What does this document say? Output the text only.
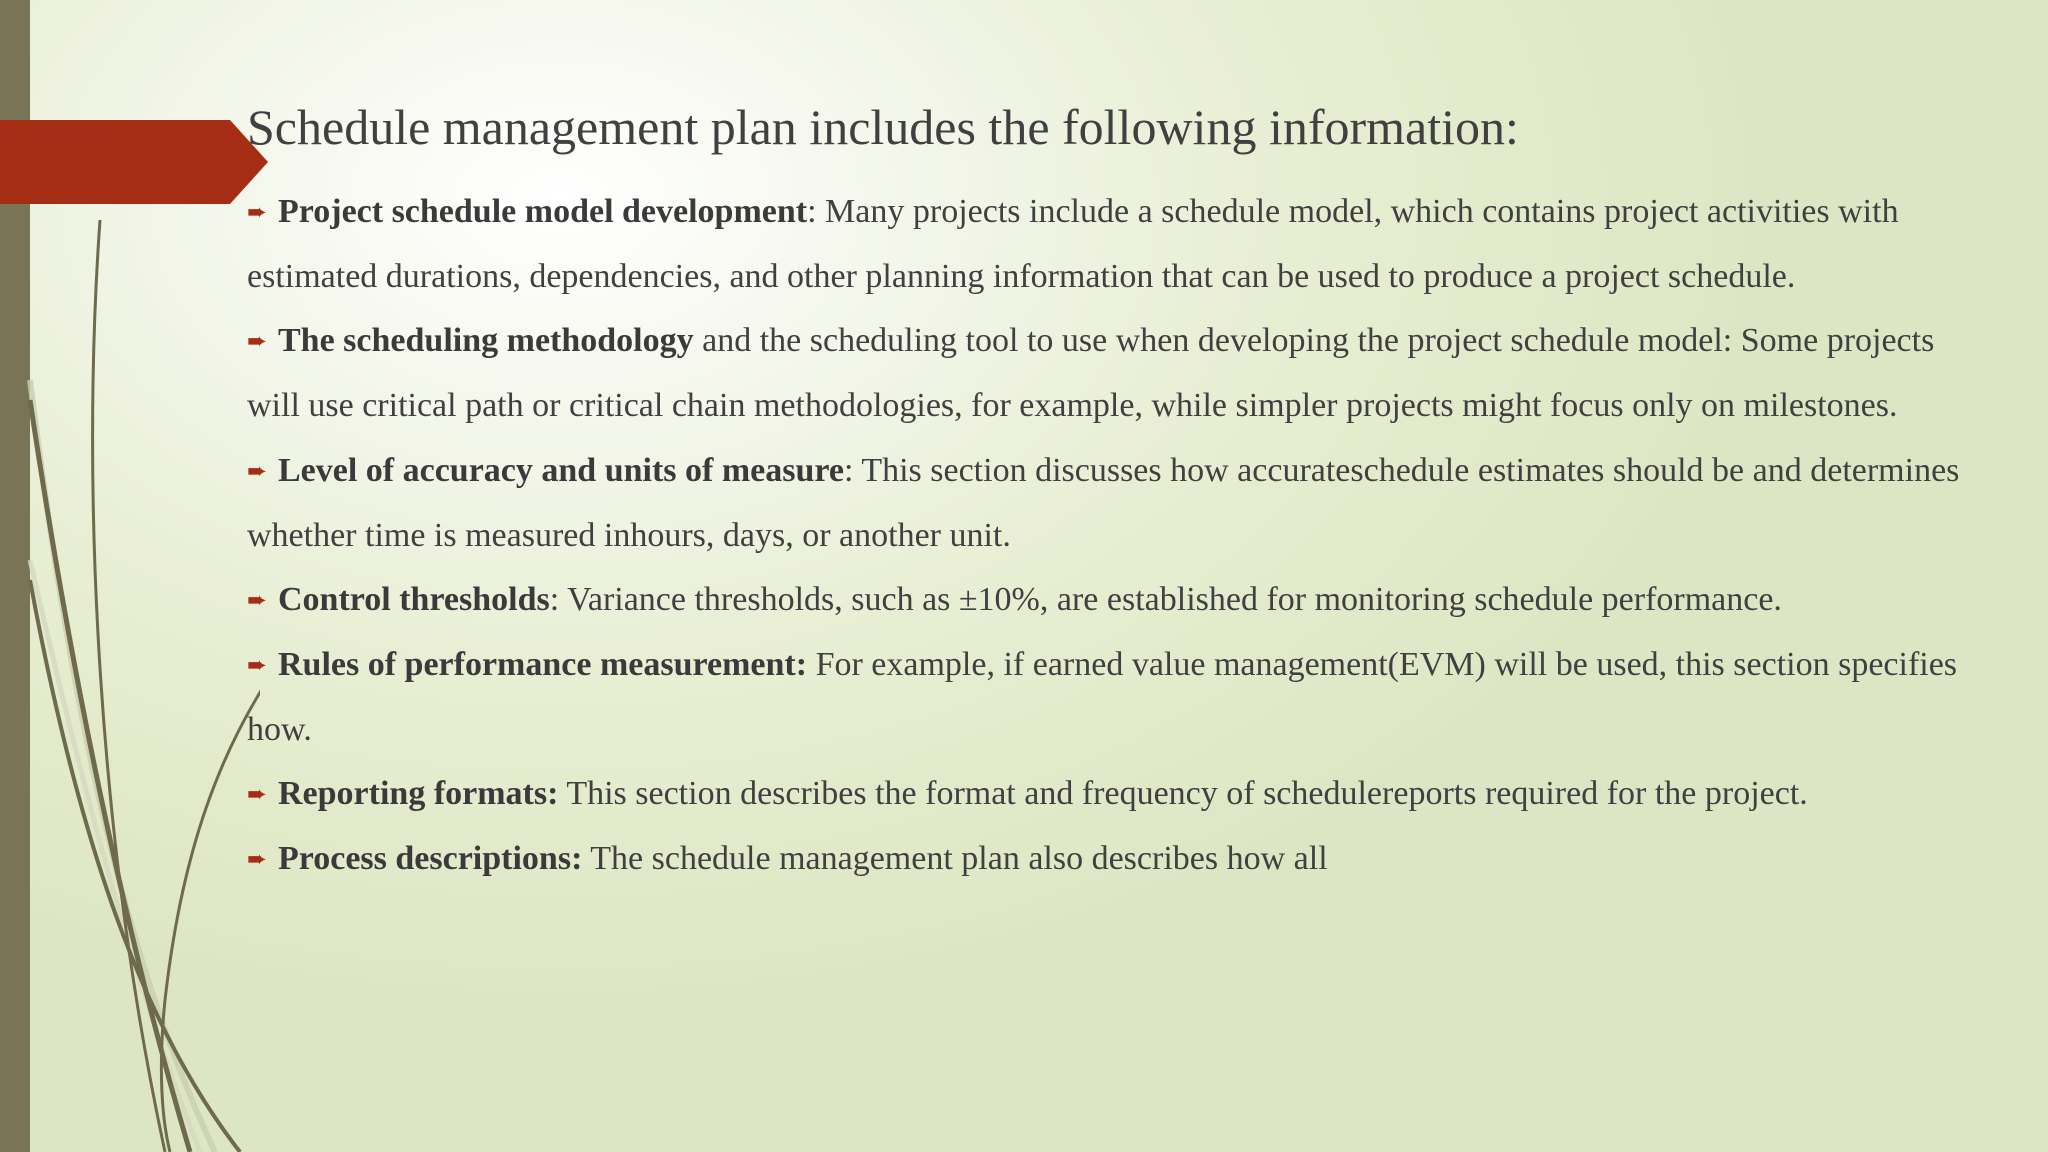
Schedule management plan includes the following information:

➨ Project schedule model development: Many projects include a schedule model, which contains project activities with estimated durations, dependencies, and other planning information that can be used to produce a project schedule.

➨ The scheduling methodology and the scheduling tool to use when developing the project schedule model: Some projects will use critical path or critical chain methodologies, for example, while simpler projects might focus only on milestones.

➨ Level of accuracy and units of measure: This section discusses how accurateschedule estimates should be and determines whether time is measured inhours, days, or another unit.

➨ Control thresholds: Variance thresholds, such as ±10%, are established for monitoring schedule performance.

➨ Rules of performance measurement: For example, if earned value management(EVM) will be used, this section specifies how.

➨ Reporting formats: This section describes the format and frequency of schedulereports required for the project.

➨ Process descriptions: The schedule management plan also describes how all
